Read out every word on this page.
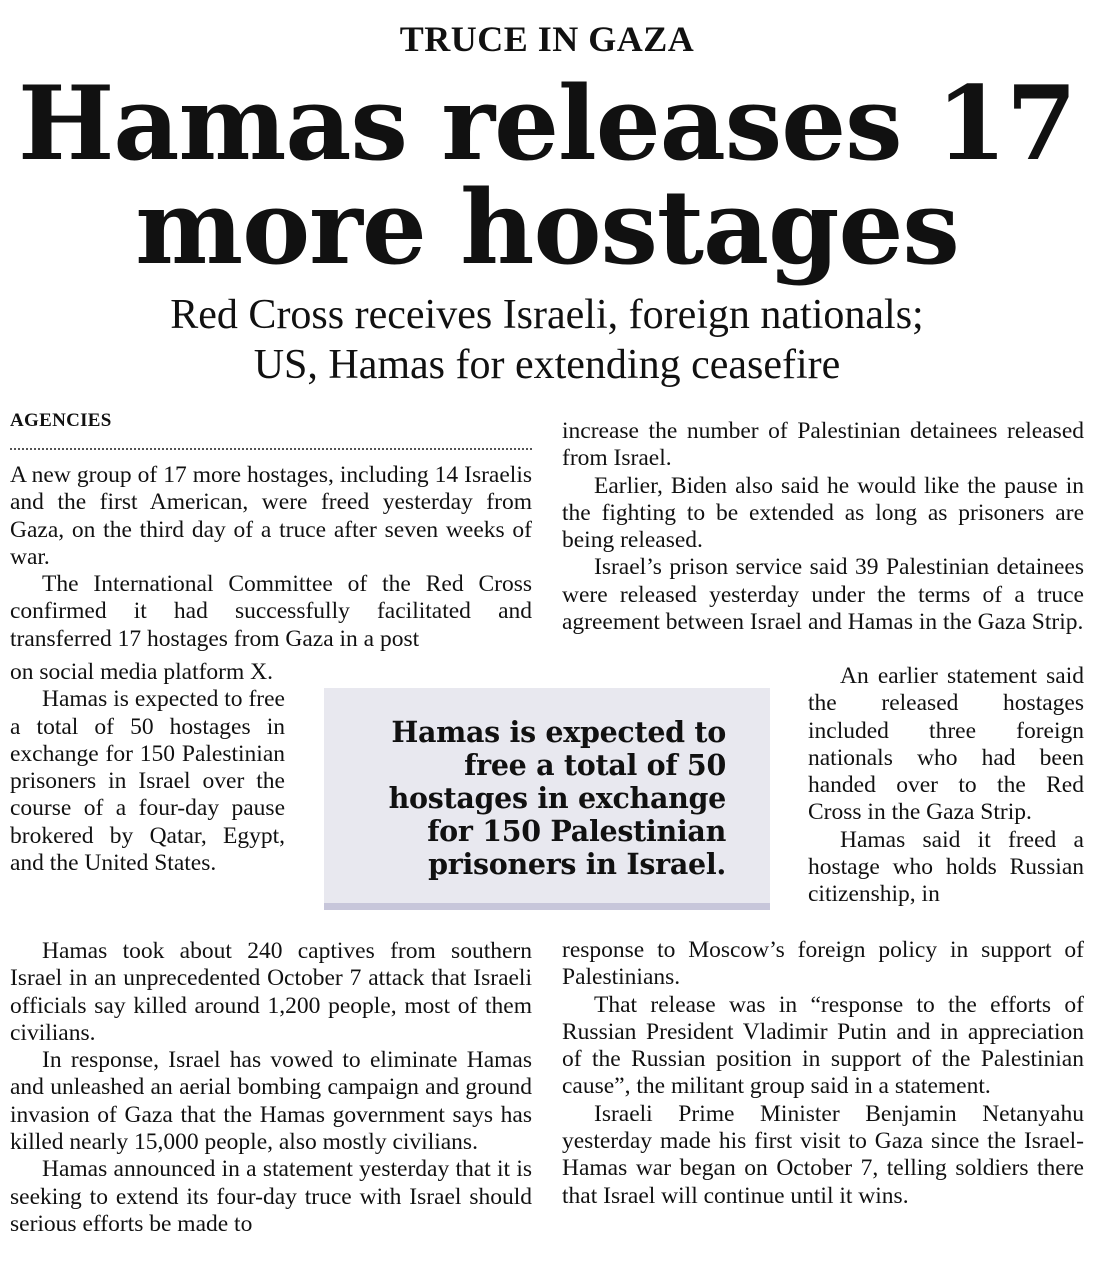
TRUCE IN GAZA
Hamas releases 17
more hostages
Red Cross receives Israeli, foreign nationals;
US, Hamas for extending ceasefire
AGENCIES

A new group of 17 more hostages, including 14 Israelis and the first American, were freed yesterday from Gaza, on the third day of a truce after seven weeks of war.

The International Committee of the Red Cross confirmed it had successfully facilitated and transferred 17 hostages from Gaza in a post

on social media platform X.

Hamas is expected to free a total of 50 hostages in exchange for 150 Palestinian prisoners in Israel over the course of a four-day pause brokered by Qatar, Egypt, and the United States.

Hamas took about 240 captives from southern Israel in an unprecedented October 7 attack that Israeli officials say killed around 1,200 people, most of them civilians.

In response, Israel has vowed to eliminate Hamas and unleashed an aerial bombing campaign and ground invasion of Gaza that the Hamas government says has killed nearly 15,000 people, also mostly civilians.

Hamas announced in a statement yesterday that it is seeking to extend its four-day truce with Israel should serious efforts be made to

increase the number of Palestinian detainees released from Israel.

Earlier, Biden also said he would like the pause in the fighting to be extended as long as prisoners are being released.

Israel’s prison service said 39 Palestinian detainees were released yesterday under the terms of a truce agreement between Israel and Hamas in the Gaza Strip.

An earlier statement said the released hostages included three foreign nationals who had been handed over to the Red Cross in the Gaza Strip.

Hamas said it freed a hostage who holds Russian citizenship, in

response to Moscow’s foreign policy in support of Palestinians.

That release was in “response to the efforts of Russian President Vladimir Putin and in appreciation of the Russian position in support of the Palestinian cause”, the militant group said in a statement.

Israeli Prime Minister Benjamin Netanyahu yesterday made his first visit to Gaza since the Israel-Hamas war began on October 7, telling soldiers there that Israel will continue until it wins.

Hamas is expected to free a total of 50 hostages in exchange for 150 Palestinian prisoners in Israel.
